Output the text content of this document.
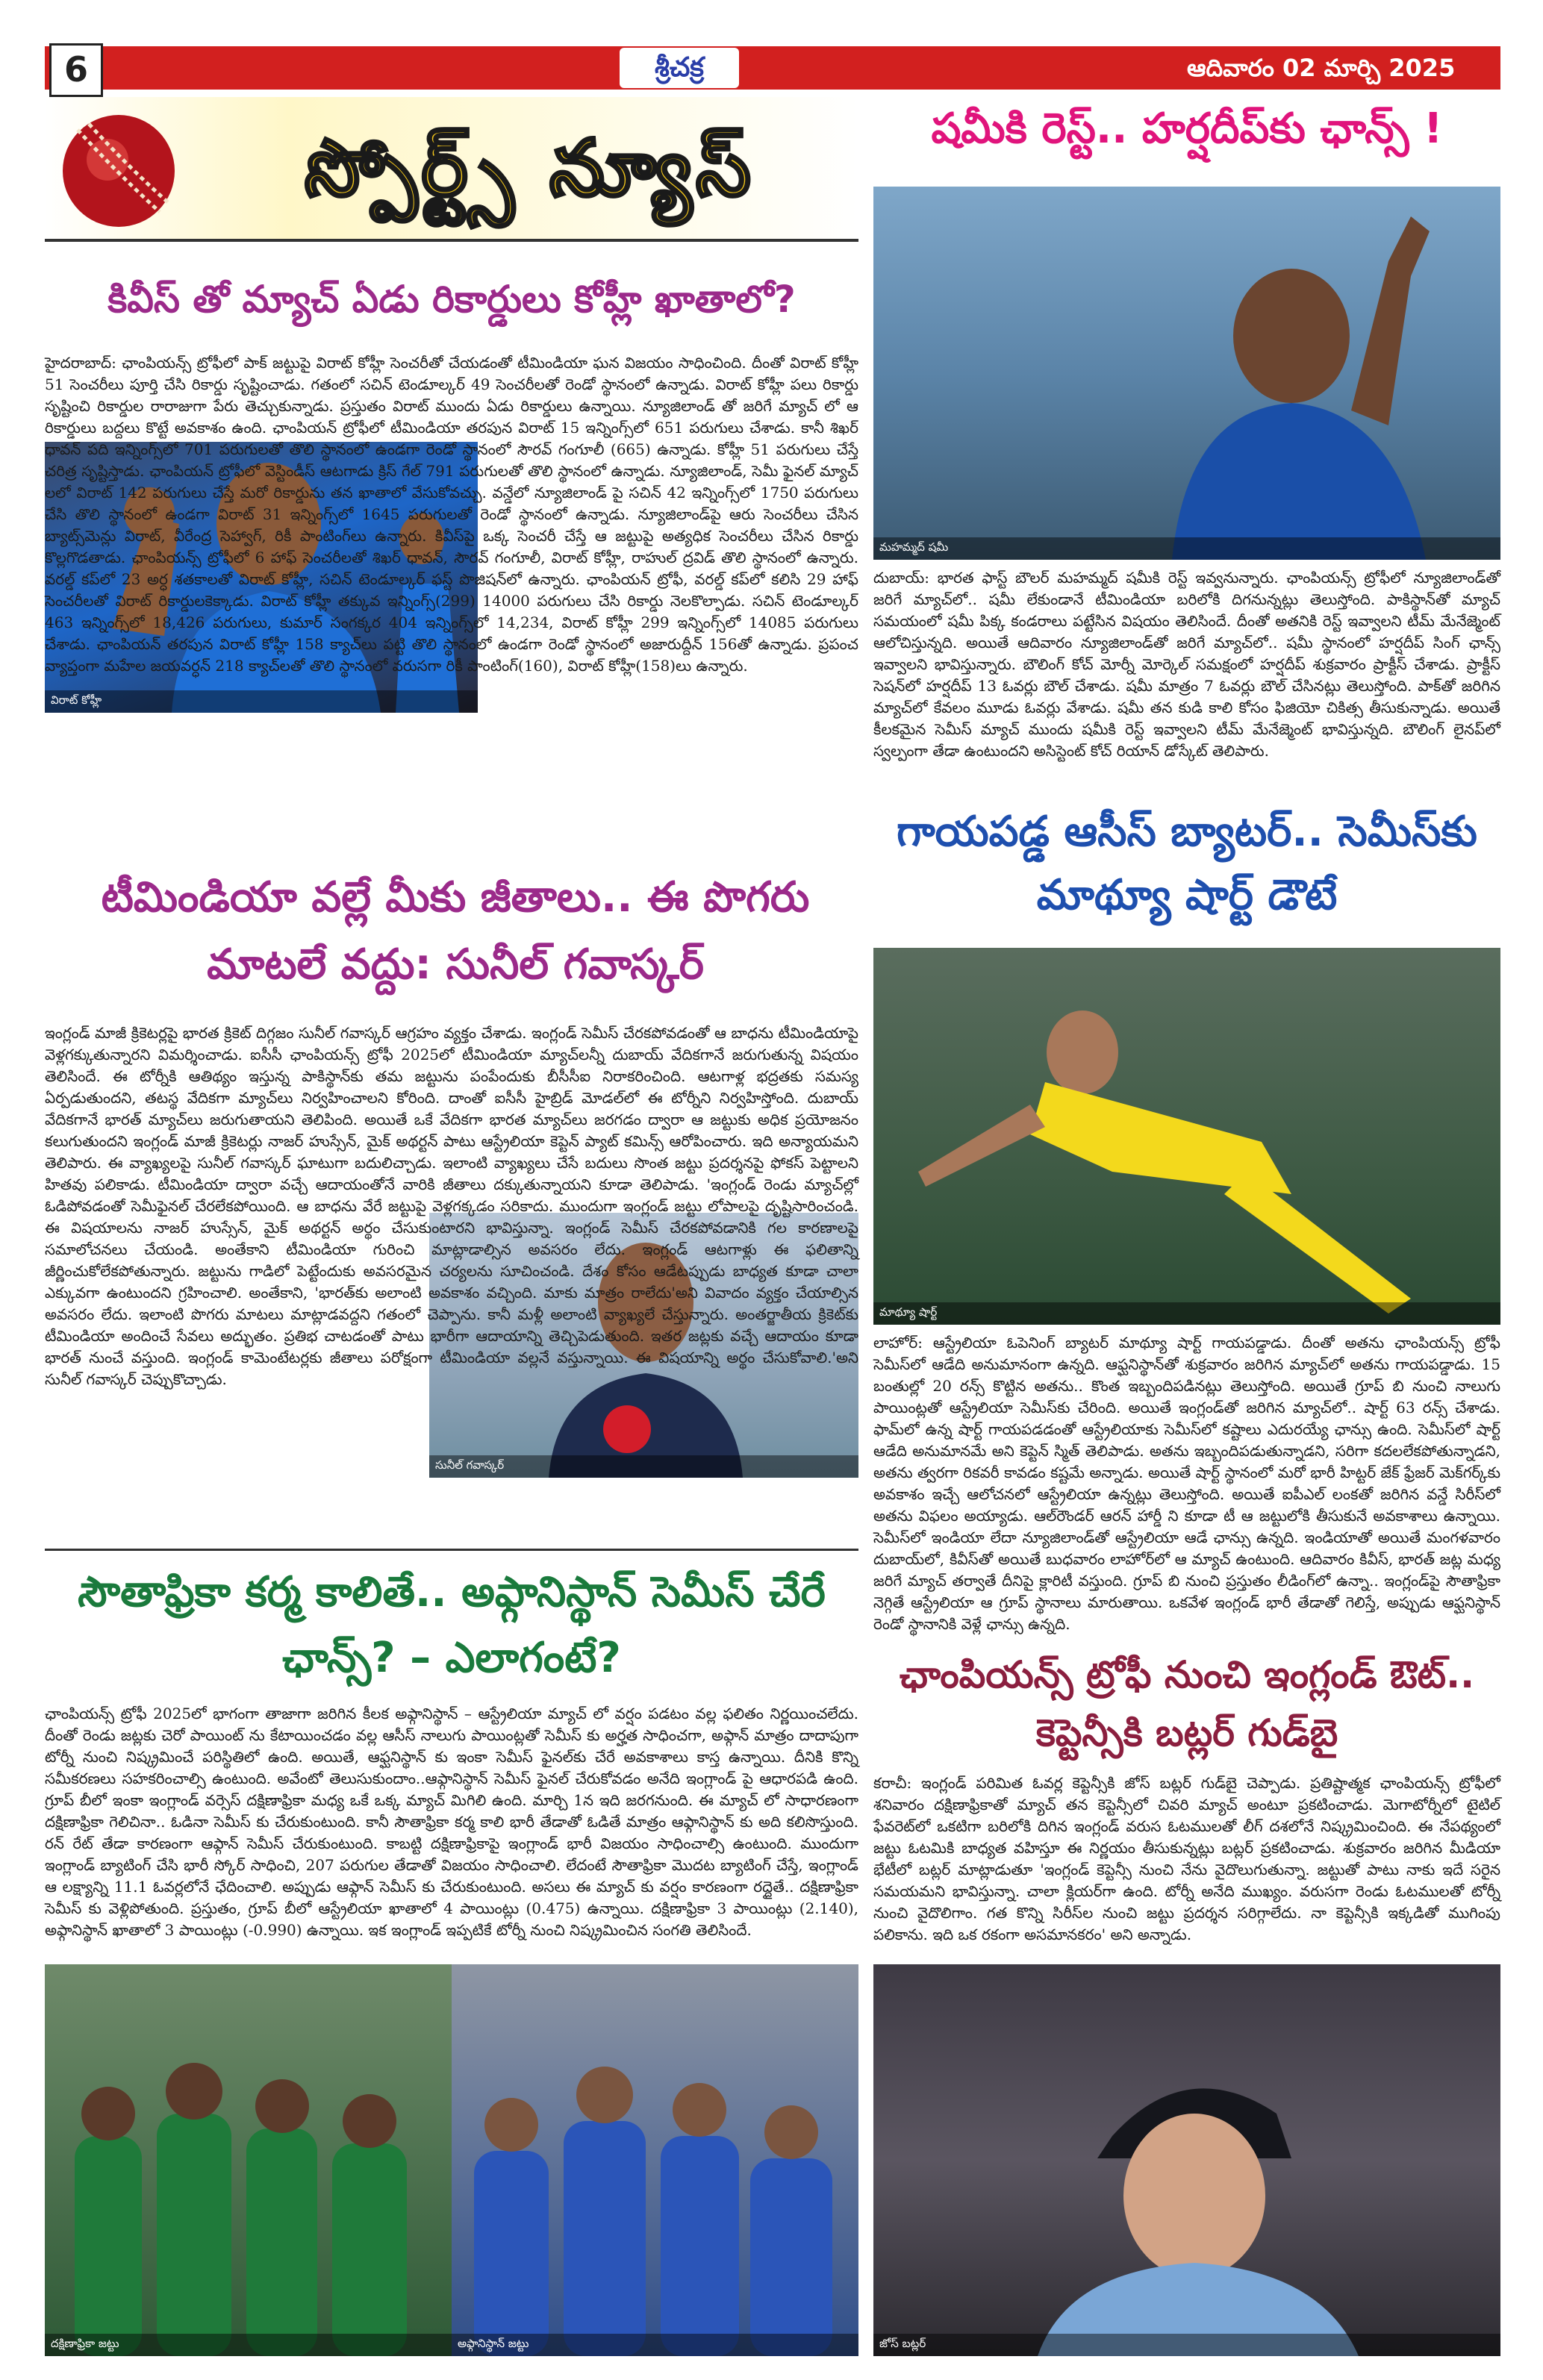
6	శ్రీచక్ర	ఆదివారం 02 మార్చి 2025
స్పోర్ట్స్ న్యూస్
కివీస్ తో మ్యాచ్ ఏడు రికార్డులు కోహ్లీ ఖాతాలో?
విరాట్ కోహ్లీ
హైదరాబాద్: ఛాంపియన్స్ ట్రోఫీలో పాక్ జట్టుపై విరాట్ కోహ్లీ సెంచరీతో చేయడంతో టీమిండియా ఘన విజయం సాధించింది. దీంతో విరాట్ కోహ్లీ 51 సెంచరీలు పూర్తి చేసి రికార్డు సృష్టించాడు. గతంలో సచిన్ టెండూల్కర్ 49 సెంచరీలతో రెండో స్థానంలో ఉన్నాడు. విరాట్ కోహ్లీ పలు రికార్డు సృష్టించి రికార్డుల రారాజుగా పేరు తెచ్చుకున్నాడు. ప్రస్తుతం విరాట్ ముందు ఏడు రికార్డులు ఉన్నాయి. న్యూజిలాండ్ తో జరిగే మ్యాచ్ లో ఆ రికార్డులు బద్దలు కొట్టే అవకాశం ఉంది. ఛాంపియన్ ట్రోఫీలో టీమిండియా తరపున విరాట్ 15 ఇన్నింగ్స్‌లో 651 పరుగులు చేశాడు. కానీ శిఖర్ ధావన్ పది ఇన్నింగ్స్‌లో 701 పరుగులతో తొలి స్థానంలో ఉండగా రెండో స్థానంలో సౌరవ్ గంగూలీ (665) ఉన్నాడు. కోహ్లీ 51 పరుగులు చేస్తే చరిత్ర సృష్టిస్తాడు. ఛాంపియన్ ట్రోఫీలో వెస్టిండీస్ ఆటగాడు క్రిస్ గేల్ 791 పరుగులతో తొలి స్థానంలో ఉన్నాడు. న్యూజిలాండ్, సెమీ ఫైనల్ మ్యాచ్ లలో విరాట్ 142 పరుగులు చేస్తే మరో రికార్డును తన ఖాతాలో వేసుకోవచ్చు. వన్డేలో న్యూజిలాండ్ పై సచిన్ 42 ఇన్నింగ్స్‌లో 1750 పరుగులు చేసి తొలి స్థానంలో ఉండగా విరాట్ 31 ఇన్నింగ్స్‌లో 1645 పరుగులతో రెండో స్థానంలో ఉన్నాడు. న్యూజిలాండ్‌పై ఆరు సెంచరీలు చేసిన బ్యాట్స్‌మెన్లు విరాట్, వీరేంద్ర సెహ్వాగ్, రికీ పాంటింగ్‌లు ఉన్నారు. కివీస్‌పై ఒక్క సెంచరీ చేస్తే ఆ జట్టుపై అత్యధిక సెంచరీలు చేసిన రికార్డు కొల్లగొడతాడు. ఛాంపియన్స్ ట్రోఫీలో 6 హాఫ్ సెంచరీలతో శిఖర్ ధావన్, సౌరవ్ గంగూలీ, విరాట్ కోహ్లీ, రాహుల్ ద్రవిడ్ తొలి స్థానంలో ఉన్నారు. వరల్డ్ కప్‌లో 23 అర్ధ శతకాలతో విరాట్ కోహ్లీ, సచిన్ టెండూల్కర్ ఫస్ట్ పొజిషన్‌లో ఉన్నారు. ఛాంపియన్ ట్రోఫీ, వరల్డ్ కప్‌లో కలిసి 29 హాఫ్ సెంచరీలతో విరాట్ రికార్డులకెక్కాడు. విరాట్ కోహ్లీ తక్కువ ఇన్నింగ్స్(299) 14000 పరుగులు చేసి రికార్డు నెలకొల్పాడు. సచిన్ టెండూల్కర్ 463 ఇన్నింగ్స్‌లో 18,426 పరుగులు, కుమార్ సంగక్కర 404 ఇన్నింగ్స్‌లో 14,234, విరాట్ కోహ్లీ 299 ఇన్నింగ్స్‌లో 14085 పరుగులు చేశాడు. ఛాంపియన్ తరపున విరాట్ కోహ్లీ 158 క్యాచ్‌లు పట్టి తొలి స్థానంలో ఉండగా రెండో స్థానంలో అజారుద్దీన్ 156తో ఉన్నాడు. ప్రపంచ వ్యాప్తంగా మహేల జయవర్ధన్ 218 క్యాచ్‌లతో తొలి స్థానంలో వరుసగా రికీ పాంటింగ్(160), విరాట్ కోహ్లీ(158)లు ఉన్నారు.
షమీకి రెస్ట్.. హర్షదీప్‌కు ఛాన్స్ !
మహమ్మద్ షమీ
దుబాయ్: భారత ఫాస్ట్ బౌలర్ మహమ్మద్ షమీకి రెస్ట్ ఇవ్వనున్నారు. ఛాంపియన్స్ ట్రోఫీలో న్యూజిలాండ్‌తో జరిగే మ్యాచ్‌లో.. షమీ లేకుండానే టీమిండియా బరిలోకి దిగనున్నట్లు తెలుస్తోంది. పాకిస్థాన్‌తో మ్యాచ్ సమయంలో షమీ పిక్క కండరాలు పట్టేసిన విషయం తెలిసిందే. దీంతో అతనికి రెస్ట్ ఇవ్వాలని టీమ్ మేనేజ్మెంట్ ఆలోచిస్తున్నది. అయితే ఆదివారం న్యూజిలాండ్‌తో జరిగే మ్యాచ్‌లో.. షమీ స్థానంలో హర్షదీప్ సింగ్ ఛాన్స్ ఇవ్వాలని భావిస్తున్నారు. బౌలింగ్ కోచ్ మోర్నీ మోర్కెల్ సమక్షంలో హర్షదీప్ శుక్రవారం ప్రాక్టీస్ చేశాడు. ప్రాక్టీస్ సెషన్‌లో హర్షదీప్ 13 ఓవర్లు బౌల్ చేశాడు. షమీ మాత్రం 7 ఓవర్లు బౌల్ చేసినట్లు తెలుస్తోంది. పాక్‌తో జరిగిన మ్యాచ్‌లో కేవలం మూడు ఓవర్లు వేశాడు. షమీ తన కుడి కాలి కోసం ఫిజియో చికిత్స తీసుకున్నాడు. అయితే కీలకమైన సెమీస్ మ్యాచ్ ముందు షమీకి రెస్ట్ ఇవ్వాలని టీమ్ మేనేజ్మెంట్ భావిస్తున్నది. బౌలింగ్ లైనప్‌లో స్వల్పంగా తేడా ఉంటుందని అసిస్టెంట్ కోచ్ రియాన్ డోస్కేట్ తెలిపారు.
టీమిండియా వల్లే మీకు జీతాలు.. ఈ పొగరు మాటలే వద్దు: సునీల్ గవాస్కర్
సునీల్ గవాస్కర్
ఇంగ్లండ్ మాజీ క్రికెటర్లపై భారత క్రికెట్ దిగ్గజం సునీల్ గవాస్కర్ ఆగ్రహం వ్యక్తం చేశాడు. ఇంగ్లండ్ సెమీస్ చేరకపోవడంతో ఆ బాధను టీమిండియాపై వెళ్లగక్కుతున్నారని విమర్శించాడు. ఐసీసీ ఛాంపియన్స్ ట్రోఫీ 2025లో టీమిండియా మ్యాచ్‌లన్నీ దుబాయ్ వేదికగానే జరుగుతున్న విషయం తెలిసిందే. ఈ టోర్నీకి ఆతిథ్యం ఇస్తున్న పాకిస్థాన్‌కు తమ జట్టును పంపేందుకు బీసీసీఐ నిరాకరించింది. ఆటగాళ్ల భద్రతకు సమస్య ఏర్పడుతుందని, తటస్థ వేదికగా మ్యాచ్‌లు నిర్వహించాలని కోరింది. దాంతో ఐసీసీ హైబ్రిడ్ మోడల్‌లో ఈ టోర్నీని నిర్వహిస్తోంది. దుబాయ్ వేదికగానే భారత్ మ్యాచ్‌లు జరుగుతాయని తెలిపింది. అయితే ఒకే వేదికగా భారత మ్యాచ్‌లు జరగడం ద్వారా ఆ జట్టుకు అధిక ప్రయోజనం కలుగుతుందని ఇంగ్లండ్ మాజీ క్రికెటర్లు నాజర్ హుస్సేన్, మైక్ అథర్టన్ పాటు ఆస్ట్రేలియా కెప్టెన్ ప్యాట్ కమిన్స్ ఆరోపించారు. ఇది అన్యాయమని తెలిపారు. ఈ వ్యాఖ్యలపై సునీల్ గవాస్కర్ ఘాటుగా బదులిచ్చాడు. ఇలాంటి వ్యాఖ్యలు చేసే బదులు సొంత జట్టు ప్రదర్శనపై ఫోకస్ పెట్టాలని హితవు పలికాడు. టీమిండియా ద్వారా వచ్చే ఆదాయంతోనే వారికి జీతాలు దక్కుతున్నాయని కూడా తెలిపాడు. 'ఇంగ్లండ్ రెండు మ్యాచ్‌ల్లో ఓడిపోవడంతో సెమీఫైనల్ చేరలేకపోయింది. ఆ బాధను వేరే జట్టుపై వెళ్లగక్కడం సరికాదు. ముందుగా ఇంగ్లండ్ జట్టు లోపాలపై దృష్టిసారించండి. ఈ విషయాలను నాజర్ హుస్సేన్, మైక్ అథర్టన్ అర్థం చేసుకుంటారని భావిస్తున్నా. ఇంగ్లండ్ సెమీస్ చేరకపోవడానికి గల కారణాలపై సమాలోచనలు చేయండి. అంతేకాని టీమిండియా గురించి మాట్లాడాల్సిన అవసరం లేదు. ఇంగ్లండ్ ఆటగాళ్లు ఈ ఫలితాన్ని జీర్ణించుకోలేకపోతున్నారు. జట్టును గాడిలో పెట్టేందుకు అవసరమైన చర్యలను సూచించండి. దేశం కోసం ఆడేటప్పుడు బాధ్యత కూడా చాలా ఎక్కువగా ఉంటుందని గ్రహించాలి. అంతేకాని, 'భారత్‌కు అలాంటి అవకాశం వచ్చింది. మాకు మాత్రం రాలేదు'అని వివాదం వ్యక్తం చేయాల్సిన అవసరం లేదు. ఇలాంటి పొగరు మాటలు మాట్లాడవద్దని గతంలో చెప్పాను. కానీ మళ్లీ అలాంటి వ్యాఖ్యలే చేస్తున్నారు. అంతర్జాతీయ క్రికెట్‌కు టీమిండియా అందించే సేవలు అద్భుతం. ప్రతిభ చాటడంతో పాటు భారీగా ఆదాయాన్ని తెచ్చిపెడుతుంది. ఇతర జట్లకు వచ్చే ఆదాయం కూడా భారత్ నుంచే వస్తుంది. ఇంగ్లండ్ కామెంటేటర్లకు జీతాలు పరోక్షంగా టీమిండియా వల్లనే వస్తున్నాయి. ఈ విషయాన్ని అర్థం చేసుకోవాలి.'అని సునీల్ గవాస్కర్ చెప్పుకొచ్చాడు.
గాయపడ్డ ఆసీస్ బ్యాటర్.. సెమీస్‌కు మాథ్యూ షార్ట్ డౌటే
మాథ్యూ షార్ట్
లాహోర్: ఆస్ట్రేలియా ఓపెనింగ్ బ్యాటర్ మాథ్యూ షార్ట్ గాయపడ్డాడు. దీంతో అతను ఛాంపియన్స్ ట్రోఫీ సెమీస్‌లో ఆడేది అనుమానంగా ఉన్నది. ఆఫ్ఘనిస్థాన్‌తో శుక్రవారం జరిగిన మ్యాచ్‌లో అతను గాయపడ్డాడు. 15 బంతుల్లో 20 రన్స్ కొట్టిన అతను.. కొంత ఇబ్బందిపడినట్లు తెలుస్తోంది. అయితే గ్రూప్ బి నుంచి నాలుగు పాయింట్లతో ఆస్ట్రేలియా సెమీస్‌కు చేరింది. అయితే ఇంగ్లండ్‌తో జరిగిన మ్యాచ్‌లో.. షార్ట్ 63 రన్స్ చేశాడు. ఫామ్‌లో ఉన్న షార్ట్ గాయపడడంతో ఆస్ట్రేలియాకు సెమీస్‌లో కష్టాలు ఎదురయ్యే ఛాన్సు ఉంది. సెమీస్‌లో షార్ట్ ఆడేది అనుమానమే అని కెప్టెన్ స్మిత్ తెలిపాడు. అతను ఇబ్బందిపడుతున్నాడని, సరిగా కదలలేకపోతున్నాడని, అతను త్వరగా రికవరీ కావడం కష్టమే అన్నాడు. అయితే షార్ట్ స్థానంలో మరో భారీ హిట్టర్ జేక్ ఫ్రేజర్ మెక్‌గర్క్‌కు అవకాశం ఇచ్చే ఆలోచనలో ఆస్ట్రేలియా ఉన్నట్లు తెలుస్తోంది. అయితే ఐపీఎల్ లంకతో జరిగిన వన్డే సిరీస్‌లో అతను విఫలం అయ్యాడు. ఆల్‌రౌండర్ ఆరన్ హార్డీ ని కూడా టీ ఆ జట్టులోకి తీసుకునే అవకాశాలు ఉన్నాయి. సెమీస్‌లో ఇండియా లేదా న్యూజిలాండ్‌తో ఆస్ట్రేలియా ఆడే ఛాన్సు ఉన్నది. ఇండియాతో అయితే మంగళవారం దుబాయ్‌లో, కివీస్‌తో అయితే బుధవారం లాహోర్‌లో ఆ మ్యాచ్‌ ఉంటుంది. ఆదివారం కివీస్, భారత్ జట్ల మధ్య జరిగే మ్యాచ్ తర్వాతే దీనిపై క్లారిటీ వస్తుంది. గ్రూప్ బి నుంచి ప్రస్తుతం లీడింగ్‌లో ఉన్నా.. ఇంగ్లండ్‌పై సౌతాఫ్రికా నెగ్గితే ఆస్ట్రేలియా ఆ గ్రూప్ స్థానాలు మారుతాయి. ఒకవేళ ఇంగ్లండ్ భారీ తేడాతో గెలిస్తే, అప్పుడు ఆఫ్ఘనిస్థాన్ రెండో స్థానానికి వెళ్లే ఛాన్సు ఉన్నది.
సౌతాఫ్రికా కర్మ కాలితే.. అఫ్గానిస్థాన్ సెమీస్ చేరే ఛాన్స్? – ఎలాగంటే?
ఛాంపియన్స్ ట్రోఫీ 2025లో భాగంగా తాజాగా జరిగిన కీలక అఫ్గానిస్థాన్ – ఆస్ట్రేలియా మ్యాచ్ లో వర్షం పడటం వల్ల ఫలితం నిర్ణయించలేదు. దీంతో రెండు జట్లకు చెరో పాయింట్ ను కేటాయించడం వల్ల ఆసీస్ నాలుగు పాయింట్లతో సెమీస్ కు అర్హత సాధించగా, అఫ్గాన్ మాత్రం దాదాపుగా టోర్నీ నుంచి నిష్క్రమించే పరిస్థితిలో ఉంది. అయితే, ఆఫ్ఘనిస్థాన్ కు ఇంకా సెమీస్ ఫైనల్‌కు చేరే అవకాశాలు కాస్త ఉన్నాయి. దీనికి కొన్ని సమీకరణలు సహకరించాల్సి ఉంటుంది. అవేంటో తెలుసుకుందాం..ఆఫ్గానిస్థాన్ సెమీస్ ఫైనల్ చేరుకోవడం అనేది ఇంగ్లాండ్ పై ఆధారపడి ఉంది. గ్రూప్ బీలో ఇంకా ఇంగ్లాండ్ వర్సెస్ దక్షిణాఫ్రికా మధ్య ఒకే ఒక్క మ్యాచ్ మిగిలి ఉంది. మార్చి 1న ఇది జరగనుంది. ఈ మ్యాచ్ లో సాధారణంగా దక్షిణాఫ్రికా గెలిచినా.. ఓడినా సెమీస్ కు చేరుకుంటుంది. కానీ సౌతాఫ్రికా కర్మ కాలి భారీ తేడాతో ఓడితే మాత్రం ఆఫ్గానిస్థాన్ కు అది కలిసొస్తుంది. రన్ రేట్ తేడా కారణంగా ఆఫ్గాన్ సెమీస్ చేరుకుంటుంది. కాబట్టి దక్షిణాఫ్రికాపై ఇంగ్లాండ్ భారీ విజయం సాధించాల్సి ఉంటుంది. ముందుగా ఇంగ్లాండ్ బ్యాటింగ్ చేసి భారీ స్కోర్ సాధించి, 207 పరుగుల తేడాతో విజయం సాధించాలి. లేదంటే సౌతాఫ్రికా మొదట బ్యాటింగ్ చేస్తే, ఇంగ్లాండ్ ఆ లక్ష్యాన్ని 11.1 ఓవర్లలోనే ఛేదించాలి. అప్పుడు ఆఫ్గాన్ సెమీస్ కు చేరుకుంటుంది. అసలు ఈ మ్యాచ్ కు వర్షం కారణంగా రద్దైతే.. దక్షిణాఫ్రికా సెమీస్ కు వెళ్లిపోతుంది. ప్రస్తుతం, గ్రూప్ బీలో ఆస్ట్రేలియా ఖాతాలో 4 పాయింట్లు (0.475) ఉన్నాయి. దక్షిణాఫ్రికా 3 పాయింట్లు (2.140), అఫ్గానిస్థాన్ ఖాతాలో 3 పాయింట్లు (-0.990) ఉన్నాయి. ఇక ఇంగ్లాండ్ ఇప్పటికే టోర్నీ నుంచి నిష్క్రమించిన సంగతి తెలిసిందే.
దక్షిణాఫ్రికా జట్టు	అఫ్గానిస్థాన్ జట్టు
ఛాంపియన్స్ ట్రోఫీ నుంచి ఇంగ్లండ్ ఔట్.. కెప్టెన్సీకి బట్లర్ గుడ్‌బై
కరాచీ: ఇంగ్లండ్ పరిమిత ఓవర్ల కెప్టెన్సీకి జోస్ బట్లర్ గుడ్‌బై చెప్పాడు. ప్రతిష్టాత్మక ఛాంపియన్స్ ట్రోఫీలో శనివారం దక్షిణాఫ్రికాతో మ్యాచ్ తన కెప్టెన్సీలో చివరి మ్యాచ్ అంటూ ప్రకటించాడు. మెగాటోర్నీలో టైటిల్ ఫేవరెట్‌లో ఒకటిగా బరిలోకి దిగిన ఇంగ్లండ్ వరుస ఓటములతో లీగ్ దశలోనే నిష్క్రమించింది. ఈ నేపథ్యంలో జట్టు ఓటమికి బాధ్యత వహిస్తూ ఈ నిర్ణయం తీసుకున్నట్లు బట్లర్ ప్రకటించాడు. శుక్రవారం జరిగిన మీడియా భేటీలో బట్లర్ మాట్లాడుతూ 'ఇంగ్లండ్ కెప్టెన్సీ నుంచి నేను వైదొలుగుతున్నా. జట్టుతో పాటు నాకు ఇదే సరైన సమయమని భావిస్తున్నా. చాలా క్లియర్‌గా ఉంది. టోర్నీ అనేది ముఖ్యం. వరుసగా రెండు ఓటములతో టోర్నీ నుంచి వైదొలిగాం. గత కొన్ని సిరీస్‌ల నుంచి జట్టు ప్రదర్శన సరిగ్గాలేదు. నా కెప్టెన్సీకి ఇక్కడితో ముగింపు పలికాను. ఇది ఒక రకంగా అసమానకరం' అని అన్నాడు.
జోస్ బట్లర్
